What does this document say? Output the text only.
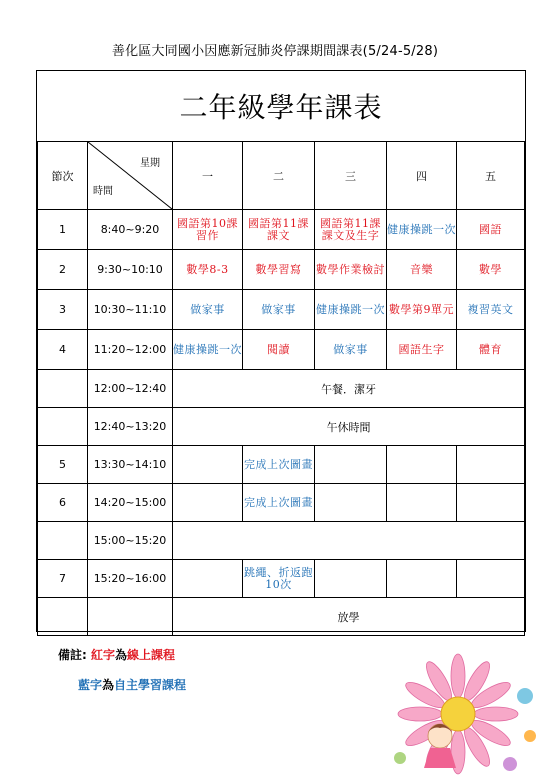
善化區大同國小因應新冠肺炎停課期間課表(5/24-5/28)
二年級學年課表
節次	星期
時間	一	二	三	四	五
1	8:40~9:20	國語第10課習作	國語第11課課文	國語第11課課文及生字	健康操跳一次	國語
2	9:30~10:10	數學8-3	數學習寫	數學作業檢討	音樂	數學
3	10:30~11:10	做家事	做家事	健康操跳一次	數學第9單元	複習英文
4	11:20~12:00	健康操跳一次	閱讀	做家事	國語生字	體育
	12:00~12:40	午餐．潔牙				
	12:40~13:20	午休時間				
5	13:30~14:10		完成上次圖畫			
6	14:20~15:00		完成上次圖畫			
	15:00~15:20					
7	15:20~16:00		跳繩、折返跑10次			
		放學				
備註: 紅字為線上課程
藍字為自主學習課程
